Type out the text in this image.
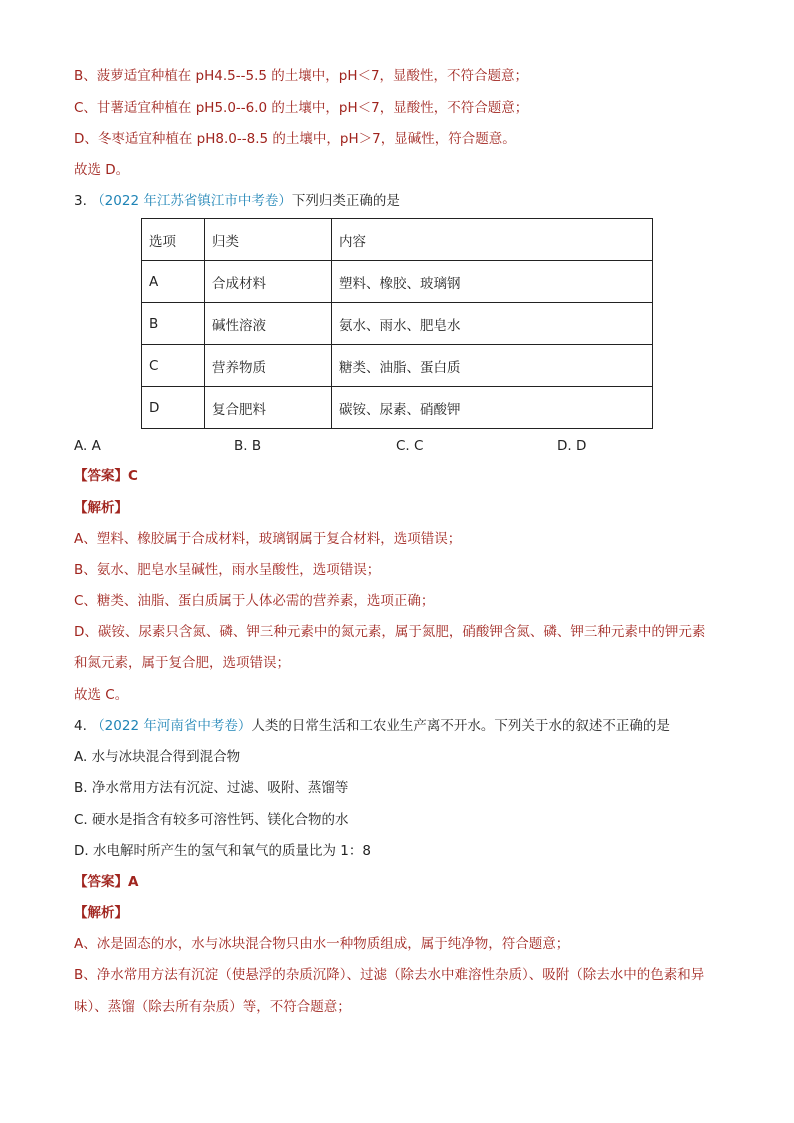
B、菠萝适宜种植在 pH4.5--5.5 的土壤中，pH＜7，显酸性，不符合题意；
C、甘薯适宜种植在 pH5.0--6.0 的土壤中，pH＜7，显酸性，不符合题意；
D、冬枣适宜种植在 pH8.0--8.5 的土壤中，pH＞7，显碱性，符合题意。
故选 D。
3. （2022 年江苏省镇江市中考卷）下列归类正确的是
选项	归类	内容
A	合成材料	塑料、橡胶、玻璃钢
B	碱性溶液	氨水、雨水、肥皂水
C	营养物质	糖类、油脂、蛋白质
D	复合肥料	碳铵、尿素、硝酸钾
A. A	B. B	C. C	D. D
【答案】C
【解析】
A、塑料、橡胶属于合成材料，玻璃钢属于复合材料，选项错误；
B、氨水、肥皂水呈碱性，雨水呈酸性，选项错误；
C、糖类、油脂、蛋白质属于人体必需的营养素，选项正确；
D、碳铵、尿素只含氮、磷、钾三种元素中的氮元素，属于氮肥，硝酸钾含氮、磷、钾三种元素中的钾元素
和氮元素，属于复合肥，选项错误；
故选 C。
4. （2022 年河南省中考卷）人类的日常生活和工农业生产离不开水。下列关于水的叙述不正确的是
A. 水与冰块混合得到混合物
B. 净水常用方法有沉淀、过滤、吸附、蒸馏等
C. 硬水是指含有较多可溶性钙、镁化合物的水
D. 水电解时所产生的氢气和氧气的质量比为 1：8
【答案】A
【解析】
A、冰是固态的水，水与冰块混合物只由水一种物质组成，属于纯净物，符合题意；
B、净水常用方法有沉淀（使悬浮的杂质沉降）、过滤（除去水中难溶性杂质）、吸附（除去水中的色素和异
味）、蒸馏（除去所有杂质）等，不符合题意；
